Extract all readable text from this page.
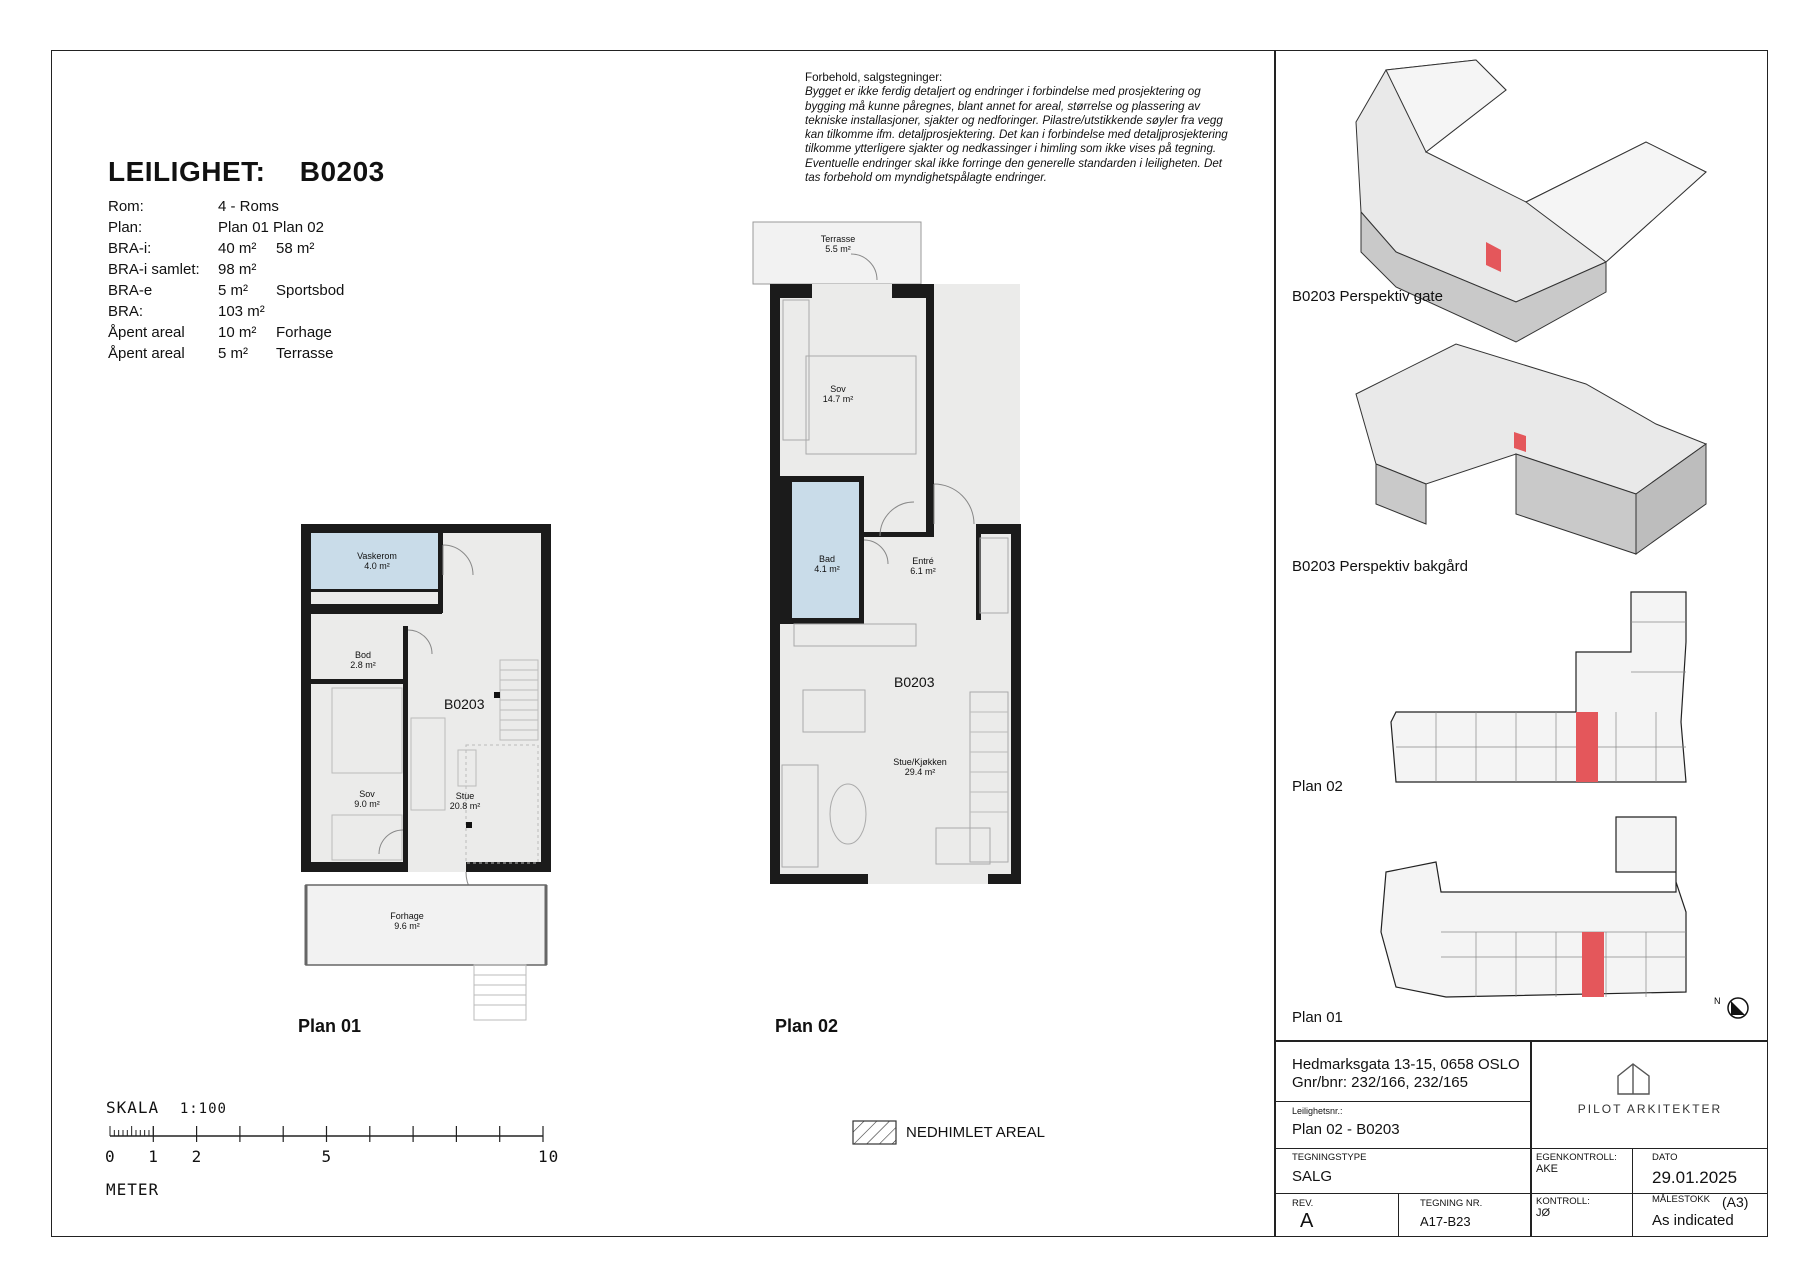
LEILIGHET: B0203
Rom:	4 - Roms
Plan:	Plan 01 Plan 02
BRA-i:	40 m² 58 m²
BRA-i samlet: 98 m²
BRA-e	5 m² Sportsbod
BRA:	103 m²
Åpent areal 10 m² Forhage
Åpent areal 5 m² Terrasse
Forbehold, salgstegninger:
Bygget er ikke ferdig detaljert og endringer i forbindelse med prosjektering og
bygging må kunne påregnes, blant annet for areal, størrelse og plassering av
tekniske installasjoner, sjakter og nedforinger. Pilastre/utstikkende søyler fra vegg
kan tilkomme ifm. detaljprosjektering. Det kan i forbindelse med detaljprosjektering
tilkomme ytterligere sjakter og nedkassinger i himling som ikke vises på tegning.
Eventuelle endringer skal ikke forringe den generelle standarden i leiligheten. Det
tas forbehold om myndighetspålagte endringer.
Vaskerom
4.0 m²
Bod
2.8 m²
Sov
9.0 m²
Stue
20.8 m²
Forhage
9.6 m²
B0203
Terrasse
5.5 m²
Sov
14.7 m²
Bad
4.1 m²
Entré
6.1 m²
Stue/Kjøkken
29.4 m²
B0203
Plan 01	Plan 02
SKALA 1:100
0 1 2	5	10
METER
NEDHIMLET AREAL
N
B0203 Perspektiv gate
B0203 Perspektiv bakgård
Plan 02
Plan 01
Hedmarksgata 13-15, 0658 OSLO
Gnr/bnr: 232/166, 232/165
Leilighetsnr.:
Plan 02 - B0203
PILOT ARKITEKTER
TEGNINGSTYPE
SALG
EGENKONTROLL:
AKE
DATO
29.01.2025
REV.
A
TEGNING NR.
A17-B23
KONTROLL:
JØ
MÅLESTOKK (A3)
As indicated
